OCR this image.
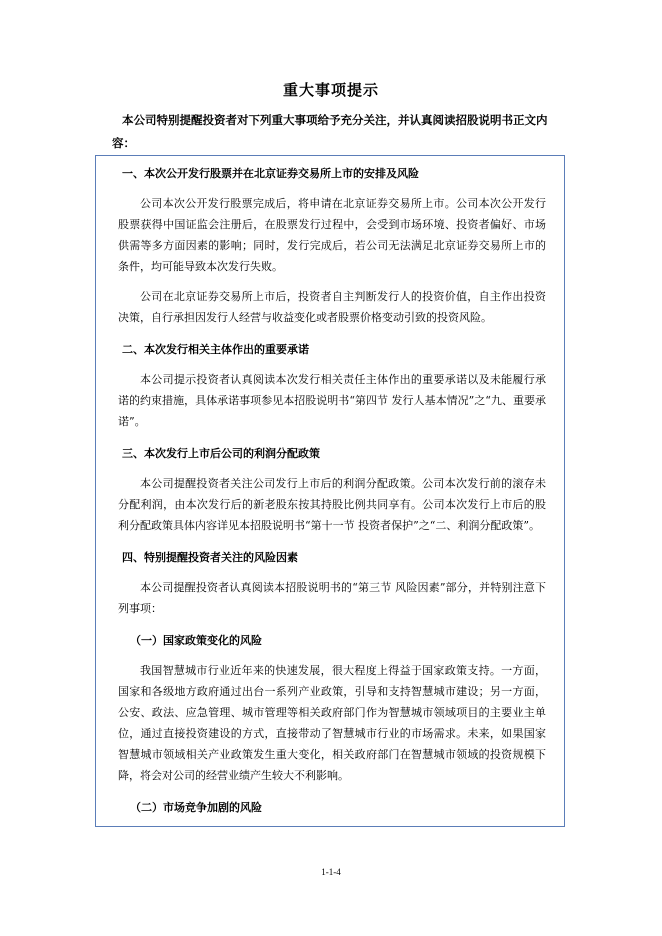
重大事项提示
本公司特别提醒投资者对下列重大事项给予充分关注，并认真阅读招股说明书正文内
容：

一、本次公开发行股票并在北京证券交易所上市的安排及风险

公司本次公开发行股票完成后，将申请在北京证券交易所上市。公司本次公开发行股票获得中国证监会注册后，在股票发行过程中，会受到市场环境、投资者偏好、市场供需等多方面因素的影响；同时，发行完成后，若公司无法满足北京证券交易所上市的条件，均可能导致本次发行失败。

公司在北京证券交易所上市后，投资者自主判断发行人的投资价值，自主作出投资决策，自行承担因发行人经营与收益变化或者股票价格变动引致的投资风险。

二、本次发行相关主体作出的重要承诺

本公司提示投资者认真阅读本次发行相关责任主体作出的重要承诺以及未能履行承诺的约束措施，具体承诺事项参见本招股说明书“第四节 发行人基本情况”之“九、重要承诺”。

三、本次发行上市后公司的利润分配政策

本公司提醒投资者关注公司发行上市后的利润分配政策。公司本次发行前的滚存未分配利润，由本次发行后的新老股东按其持股比例共同享有。公司本次发行上市后的股利分配政策具体内容详见本招股说明书“第十一节 投资者保护”之“二、利润分配政策”。

四、特别提醒投资者关注的风险因素

本公司提醒投资者认真阅读本招股说明书的“第三节 风险因素”部分，并特别注意下列事项：

（一）国家政策变化的风险

我国智慧城市行业近年来的快速发展，很大程度上得益于国家政策支持。一方面，国家和各级地方政府通过出台一系列产业政策，引导和支持智慧城市建设；另一方面，公安、政法、应急管理、城市管理等相关政府部门作为智慧城市领域项目的主要业主单位，通过直接投资建设的方式，直接带动了智慧城市行业的市场需求。未来，如果国家智慧城市领域相关产业政策发生重大变化，相关政府部门在智慧城市领域的投资规模下降，将会对公司的经营业绩产生较大不利影响。

（二）市场竞争加剧的风险

1-1-4
